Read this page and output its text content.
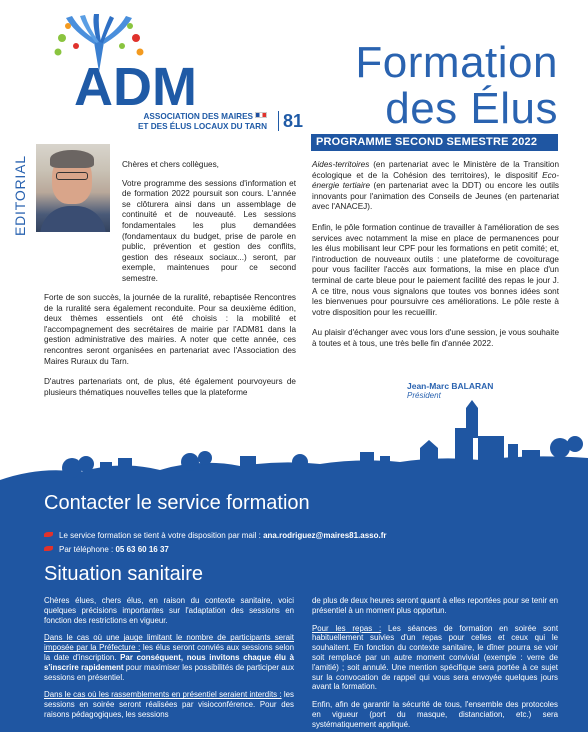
ADM
ASSOCIATION DES MAIRES
ET DES ÉLUS LOCAUX DU TARN 81
Formation
des Élus
PROGRAMME SECOND SEMESTRE 2022
EDITORIAL	Chères et chers collègues,

Votre programme des sessions d'information et de formation 2022 poursuit son cours. L'année se clôturera ainsi dans un assemblage de continuité et de nouveauté. Les sessions fondamentales les plus demandées (fondamentaux du budget, prise de parole en public, prévention et gestion des conflits, gestion des réseaux sociaux...) seront, par exemple, maintenues pour ce second semestre.

Forte de son succès, la journée de la ruralité, rebaptisée Rencontres de la ruralité sera également reconduite. Pour sa deuxième édition, deux thèmes essentiels ont été choisis : la mobilité et l'accompagnement des secrétaires de mairie par l'ADM81 dans la gestion administrative des mairies. A noter que cette année, ces rencontres seront organisées en partenariat avec l'Association des Maires Ruraux du Tarn.

D'autres partenariats ont, de plus, été également pourvoyeurs de plusieurs thématiques nouvelles telles que la plateforme

Aides-territoires (en partenariat avec le Ministère de la Transition écologique et de la Cohésion des territoires), le dispositif Eco-énergie tertiaire (en partenariat avec la DDT) ou encore les outils innovants pour l'animation des Conseils de Jeunes (en partenariat avec l'ANACEJ).

Enfin, le pôle formation continue de travailler à l'amélioration de ses services avec notamment la mise en place de permanences pour les élus mobilisant leur CPF pour les formations en petit comité; et, l'introduction de nouveaux outils : une plateforme de covoiturage pour vous faciliter l'accès aux formations, la mise en place d'un terminal de carte bleue pour le paiement facilité des repas le jour J. A ce titre, nous vous signalons que toutes vos bonnes idées sont les bienvenues pour poursuivre ces améliorations. Le pôle reste à votre disposition pour les recueillir.

Au plaisir d'échanger avec vous lors d'une session, je vous souhaite à toutes et à tous, une très belle fin d'année 2022.

Jean-Marc BALARAN
Président
Contacter le service formation
Le service formation se tient à votre disposition par mail : ana.rodriguez@maires81.asso.fr
Par téléphone : 05 63 60 16 37
Situation sanitaire

Chères élues, chers élus, en raison du contexte sanitaire, voici quelques précisions importantes sur l'adaptation des sessions en fonction des restrictions en vigueur.

Dans le cas où une jauge limitant le nombre de participants serait imposée par la Préfecture : les élus seront conviés aux sessions selon la date d'inscription. Par conséquent, nous invitons chaque élu à s'inscrire rapidement pour maximiser les possibilités de participer aux sessions en présentiel.

Dans le cas où les rassemblements en présentiel seraient interdits : les sessions en soirée seront réalisées par visioconférence. Pour des raisons pédagogiques, les sessions

de plus de deux heures seront quant à elles reportées pour se tenir en présentiel à un moment plus opportun.

Pour les repas : Les séances de formation en soirée sont habituellement suivies d'un repas pour celles et ceux qui le souhaitent. En fonction du contexte sanitaire, le dîner pourra se voir soit remplacé par un autre moment convivial (exemple : verre de l'amitié) ; soit annulé. Une mention spécifique sera portée à ce sujet sur la convocation de rappel qui vous sera envoyée quelques jours avant la formation.

Enfin, afin de garantir la sécurité de tous, l'ensemble des protocoles en vigueur (port du masque, distanciation, etc.) sera systématiquement appliqué.
